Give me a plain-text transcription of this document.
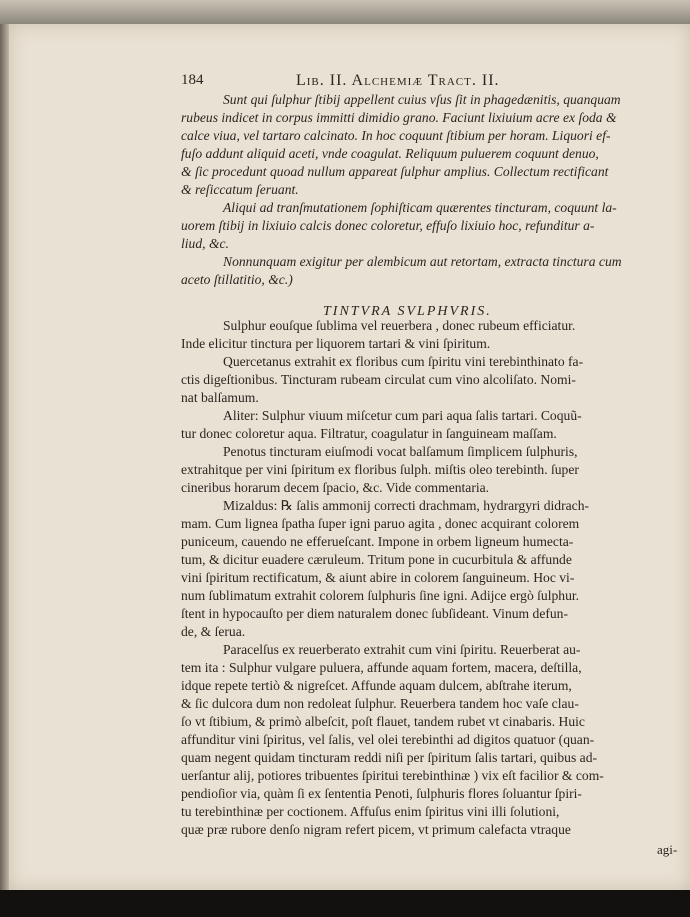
184	Lib. II. Alchemiæ Tract. II.
Sunt qui ſulphur ſtibij appellent cuius vſus ſit in phagedænitis, quanquam
rubeus indicet in corpus immitti dimidio grano. Faciunt lixiuium acre ex ſoda &
calce viua, vel tartaro calcinato. In hoc coquunt ſtibium per horam. Liquori ef-
fuſo addunt aliquid aceti, vnde coagulat. Reliquum puluerem coquunt denuo,
& ſic procedunt quoad nullum appareat ſulphur amplius. Collectum rectificant
& reſiccatum ſeruant.
Aliqui ad tranſmutationem ſophiſticam quærentes tincturam, coquunt la-
uorem ſtibij in lixiuio calcis donec coloretur, effuſo lixiuio hoc, refunditur a-
liud, &c.
Nonnunquam exigitur per alembicum aut retortam, extracta tinctura cum
aceto ſtillatitio, &c.)
TINTVRA SVLPHVRIS.
Sulphur eouſque ſublima vel reuerbera , donec rubeum efficiatur.
Inde elicitur tinctura per liquorem tartari & vini ſpiritum.
Quercetanus extrahit ex floribus cum ſpiritu vini terebinthinato fa-
ctis digeſtionibus. Tincturam rubeam circulat cum vino alcoliſato. Nomi-
nat balſamum.
Aliter: Sulphur viuum miſcetur cum pari aqua ſalis tartari. Coquũ-
tur donec coloretur aqua. Filtratur, coagulatur in ſanguineam maſſam.
Penotus tincturam eiuſmodi vocat balſamum ſimplicem ſulphuris,
extrahitque per vini ſpiritum ex floribus ſulph. miſtis oleo terebinth. ſuper
cineribus horarum decem ſpacio, &c. Vide commentaria.
Mizaldus: ℞ ſalis ammonij correcti drachmam, hydrargyri didrach-
mam. Cum lignea ſpatha ſuper igni paruo agita , donec acquirant colorem
puniceum, cauendo ne efferueſcant. Impone in orbem ligneum humecta-
tum, & dicitur euadere cæruleum. Tritum pone in cucurbitula & affunde
vini ſpiritum rectificatum, & aiunt abire in colorem ſanguineum. Hoc vi-
num ſublimatum extrahit colorem ſulphuris ſine igni. Adijce ergò ſulphur.
ſtent in hypocauſto per diem naturalem donec ſubſideant. Vinum defun-
de, & ſerua.
Paracelſus ex reuerberato extrahit cum vini ſpiritu. Reuerberat au-
tem ita : Sulphur vulgare puluera, affunde aquam fortem, macera, deſtilla,
idque repete tertiò & nigreſcet. Affunde aquam dulcem, abſtrahe iterum,
& ſic dulcora dum non redoleat ſulphur. Reuerbera tandem hoc vaſe clau-
ſo vt ſtibium, & primò albeſcit, poſt flauet, tandem rubet vt cinabaris. Huic
affunditur vini ſpiritus, vel ſalis, vel olei terebinthi ad digitos quatuor (quan-
quam negent quidam tincturam reddi niſi per ſpiritum ſalis tartari, quibus ad-
uerſantur alij, potiores tribuentes ſpiritui terebinthinæ ) vix eſt facilior & com-
pendioſior via, quàm ſi ex ſententia Penoti, ſulphuris flores ſoluantur ſpiri-
tu terebinthinæ per coctionem. Affuſus enim ſpiritus vini illi ſolutioni,
quæ præ rubore denſo nigram refert picem, vt primum calefacta vtraque
agi-
